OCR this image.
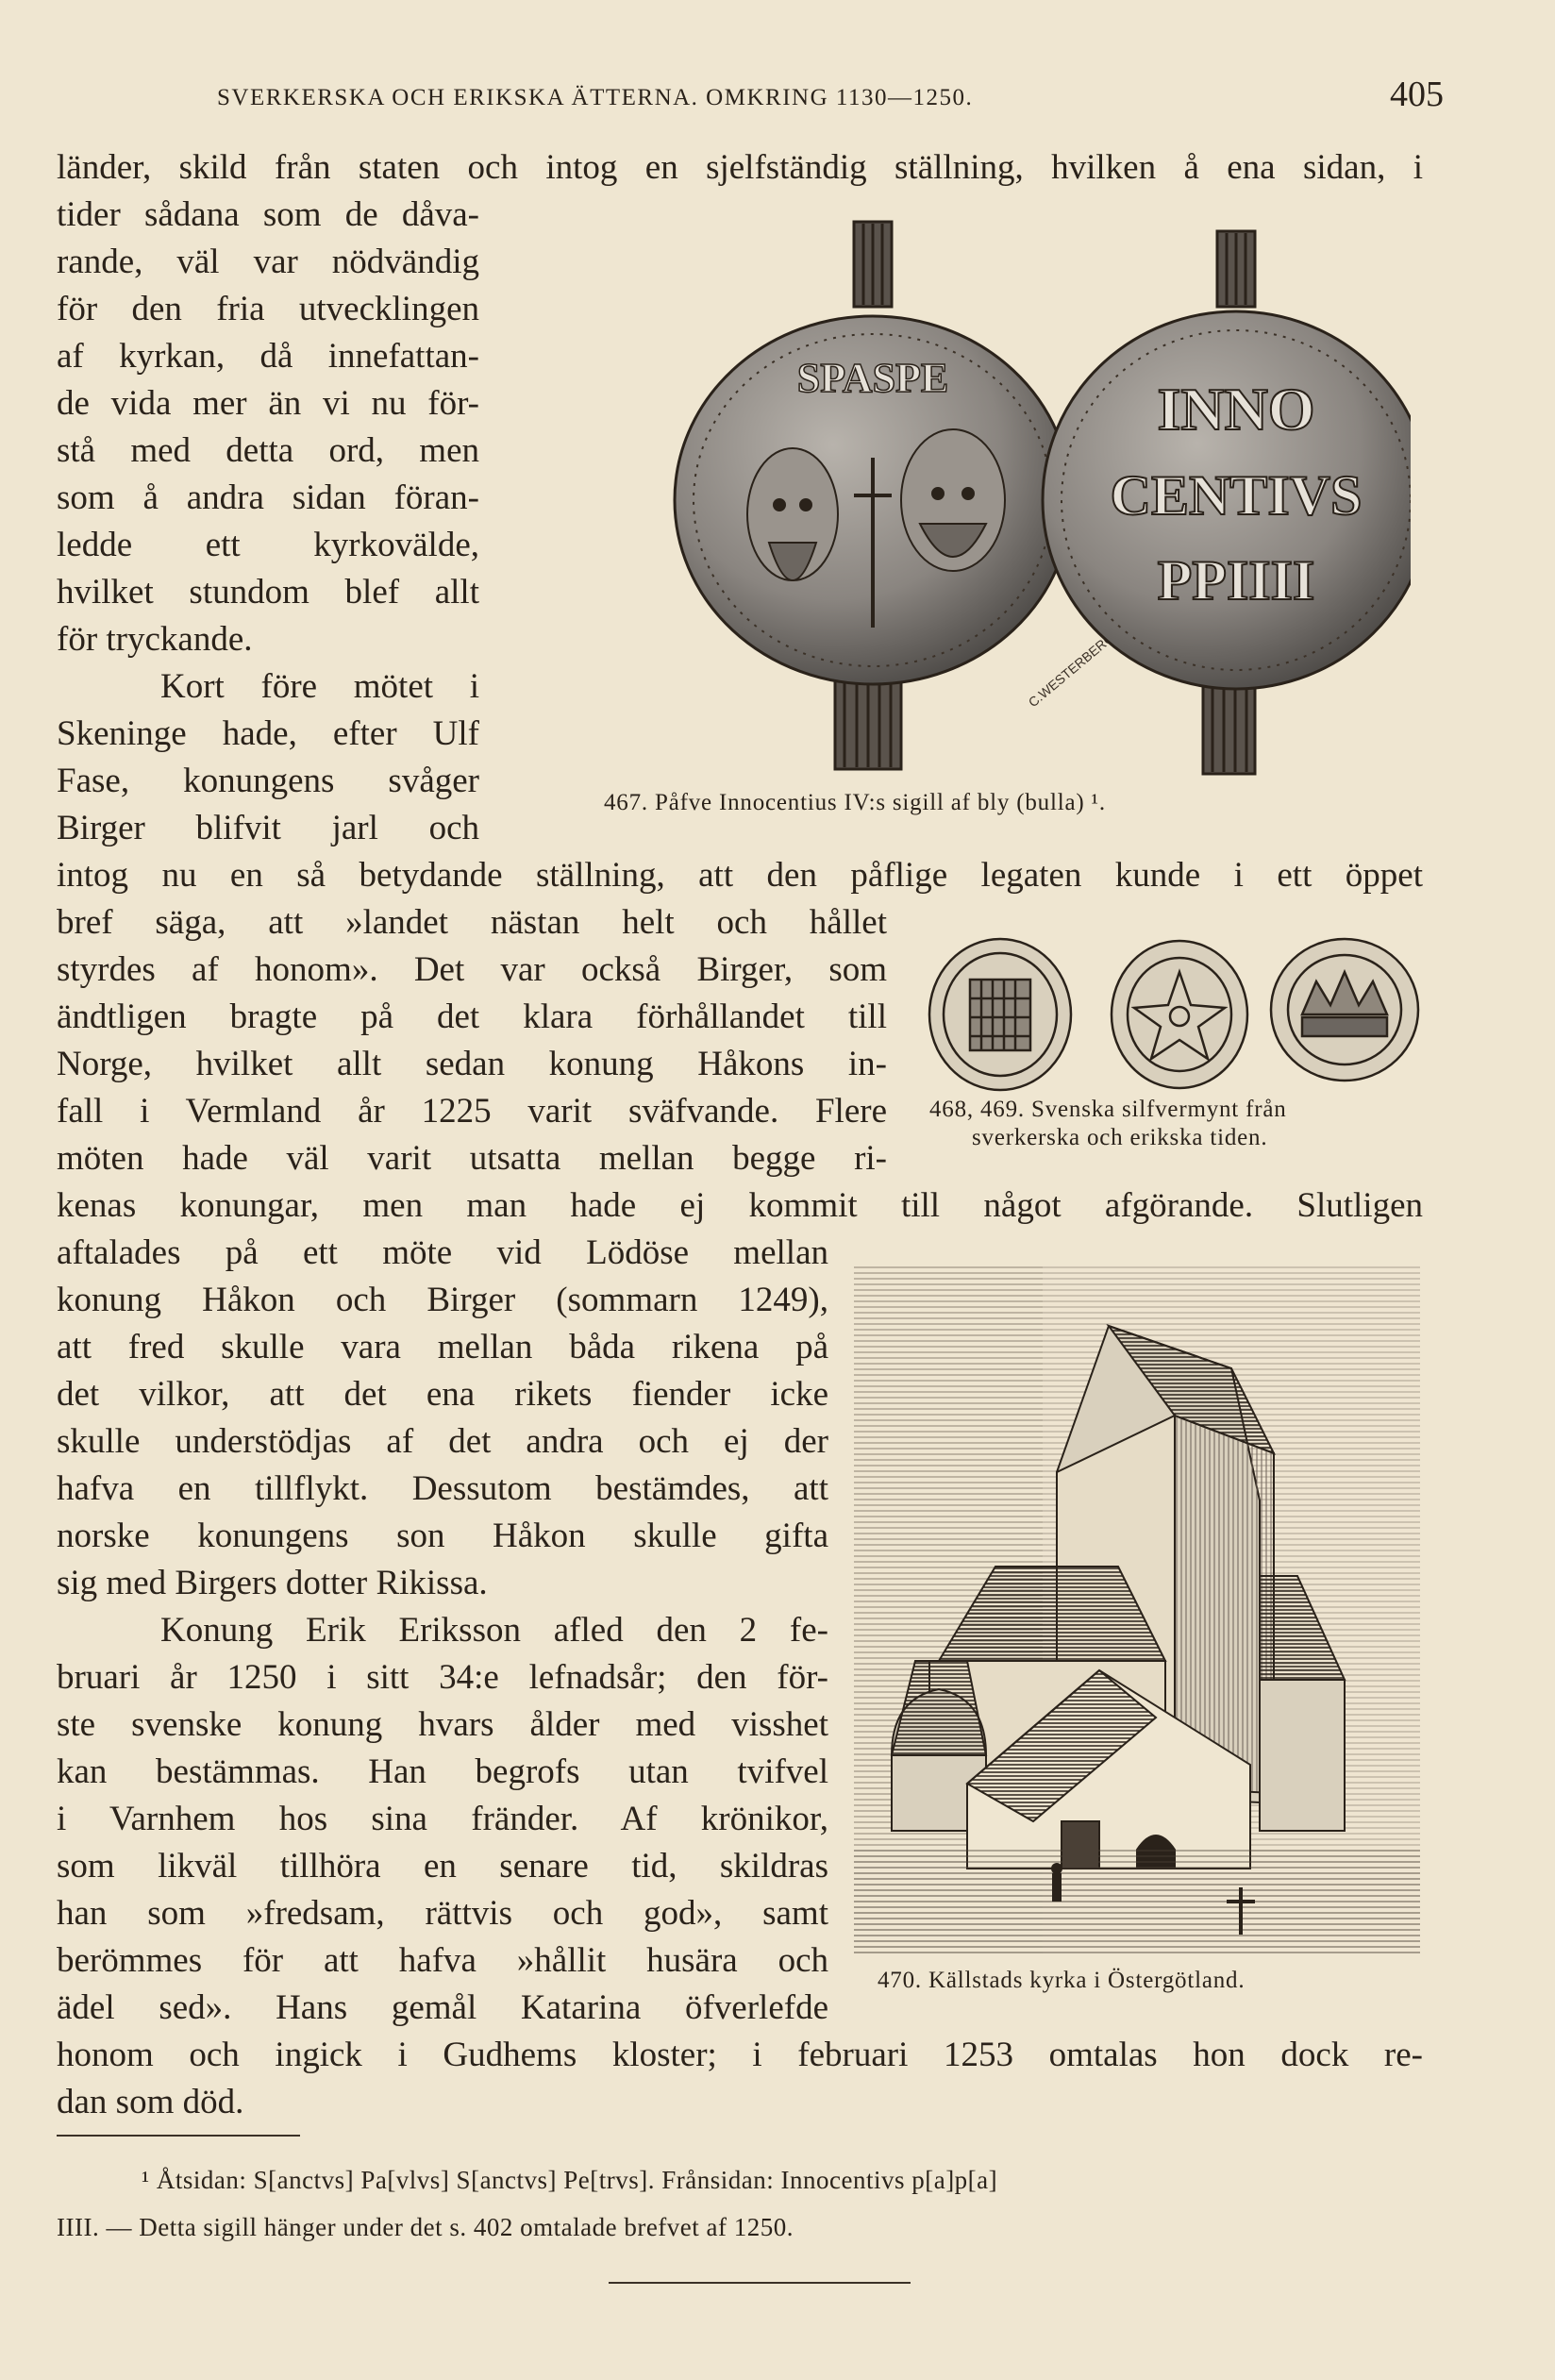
SVERKERSKA OCH ERIKSKA ÄTTERNA. OMKRING 1130—1250.	405
länder, skild från staten och intog en sjelfständig ställning, hvilken å ena sidan, i
tider sådana som de dåva-
rande, väl var nödvändig
för den fria utvecklingen
af kyrkan, då innefattan-
de vida mer än vi nu för-
stå med detta ord, men
som å andra sidan föran-
ledde ett kyrkovälde,
hvilket stundom blef allt
för tryckande.
Kort före mötet i
Skeninge hade, efter Ulf
Fase, konungens svåger
Birger blifvit jarl och
intog nu en så betydande ställning, att den påflige legaten kunde i ett öppet
bref säga, att »landet nästan helt och hållet
styrdes af honom». Det var också Birger, som
ändtligen bragte på det klara förhållandet till
Norge, hvilket allt sedan konung Håkons in-
fall i Vermland år 1225 varit sväfvande. Flere
möten hade väl varit utsatta mellan begge ri-
kenas konungar, men man hade ej kommit till något afgörande. Slutligen
aftalades på ett möte vid Lödöse mellan
konung Håkon och Birger (sommarn 1249),
att fred skulle vara mellan båda rikena på
det vilkor, att det ena rikets fiender icke
skulle understödjas af det andra och ej der
hafva en tillflykt. Dessutom bestämdes, att
norske konungens son Håkon skulle gifta
sig med Birgers dotter Rikissa.
Konung Erik Eriksson afled den 2 fe-
bruari år 1250 i sitt 34:e lefnadsår; den för-
ste svenske konung hvars ålder med visshet
kan bestämmas. Han begrofs utan tvifvel
i Varnhem hos sina fränder. Af krönikor,
som likväl tillhöra en senare tid, skildras
han som »fredsam, rättvis och god», samt
berömmes för att hafva »hållit husära och
ädel sed». Hans gemål Katarina öfverlefde
honom och ingick i Gudhems kloster; i februari 1253 omtalas hon dock re-
dan som död.
SPASPE
C.WESTERBERG
INNO
CENTIVS
PPIIII
467. Påfve Innocentius IV:s sigill af bly (bulla) ¹.
468, 469. Svenska silfvermynt från
sverkerska och erikska tiden.
470. Källstads kyrka i Östergötland.
¹ Åtsidan: S[anctvs] Pa[vlvs] S[anctvs] Pe[trvs]. Frånsidan: Innocentivs p[a]p[a]
IIII. — Detta sigill hänger under det s. 402 omtalade brefvet af 1250.
